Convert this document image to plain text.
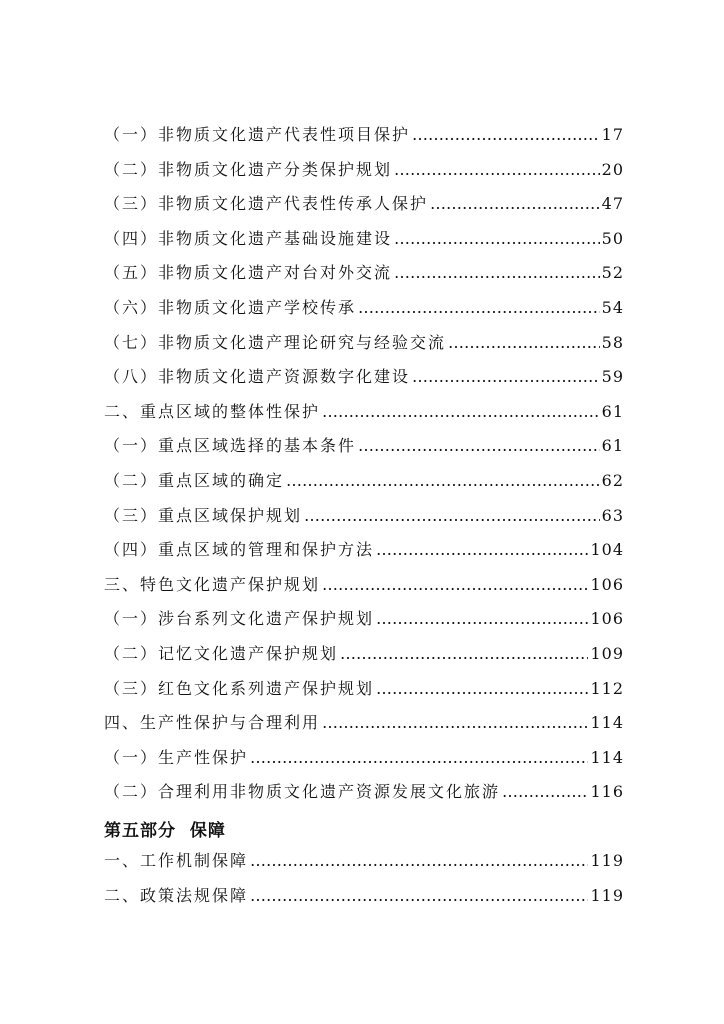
（一）非物质文化遗产代表性项目保护 …………………………………………………………………………………………………………………………………………………………	17
（二）非物质文化遗产分类保护规划 …………………………………………………………………………………………………………………………………………………………	20
（三）非物质文化遗产代表性传承人保护 …………………………………………………………………………………………………………………………………………………………	47
（四）非物质文化遗产基础设施建设 …………………………………………………………………………………………………………………………………………………………	50
（五）非物质文化遗产对台对外交流 …………………………………………………………………………………………………………………………………………………………	52
（六）非物质文化遗产学校传承 …………………………………………………………………………………………………………………………………………………………	54
（七）非物质文化遗产理论研究与经验交流 …………………………………………………………………………………………………………………………………………………………	58
（八）非物质文化遗产资源数字化建设 …………………………………………………………………………………………………………………………………………………………	59
二、重点区域的整体性保护 …………………………………………………………………………………………………………………………………………………………	61
（一）重点区域选择的基本条件 …………………………………………………………………………………………………………………………………………………………	61
（二）重点区域的确定 …………………………………………………………………………………………………………………………………………………………	62
（三）重点区域保护规划 …………………………………………………………………………………………………………………………………………………………	63
（四）重点区域的管理和保护方法 …………………………………………………………………………………………………………………………………………………………	104
三、特色文化遗产保护规划 …………………………………………………………………………………………………………………………………………………………	106
（一）涉台系列文化遗产保护规划 …………………………………………………………………………………………………………………………………………………………	106
（二）记忆文化遗产保护规划 …………………………………………………………………………………………………………………………………………………………	109
（三）红色文化系列遗产保护规划 …………………………………………………………………………………………………………………………………………………………	112
四、生产性保护与合理利用 …………………………………………………………………………………………………………………………………………………………	114
（一）生产性保护 …………………………………………………………………………………………………………………………………………………………	114
（二）合理利用非物质文化遗产资源发展文化旅游 …………………………………………………………………………………………………………………………………………………………	116
第五部分  保障
一、工作机制保障 …………………………………………………………………………………………………………………………………………………………	119
二、政策法规保障 …………………………………………………………………………………………………………………………………………………………	119
